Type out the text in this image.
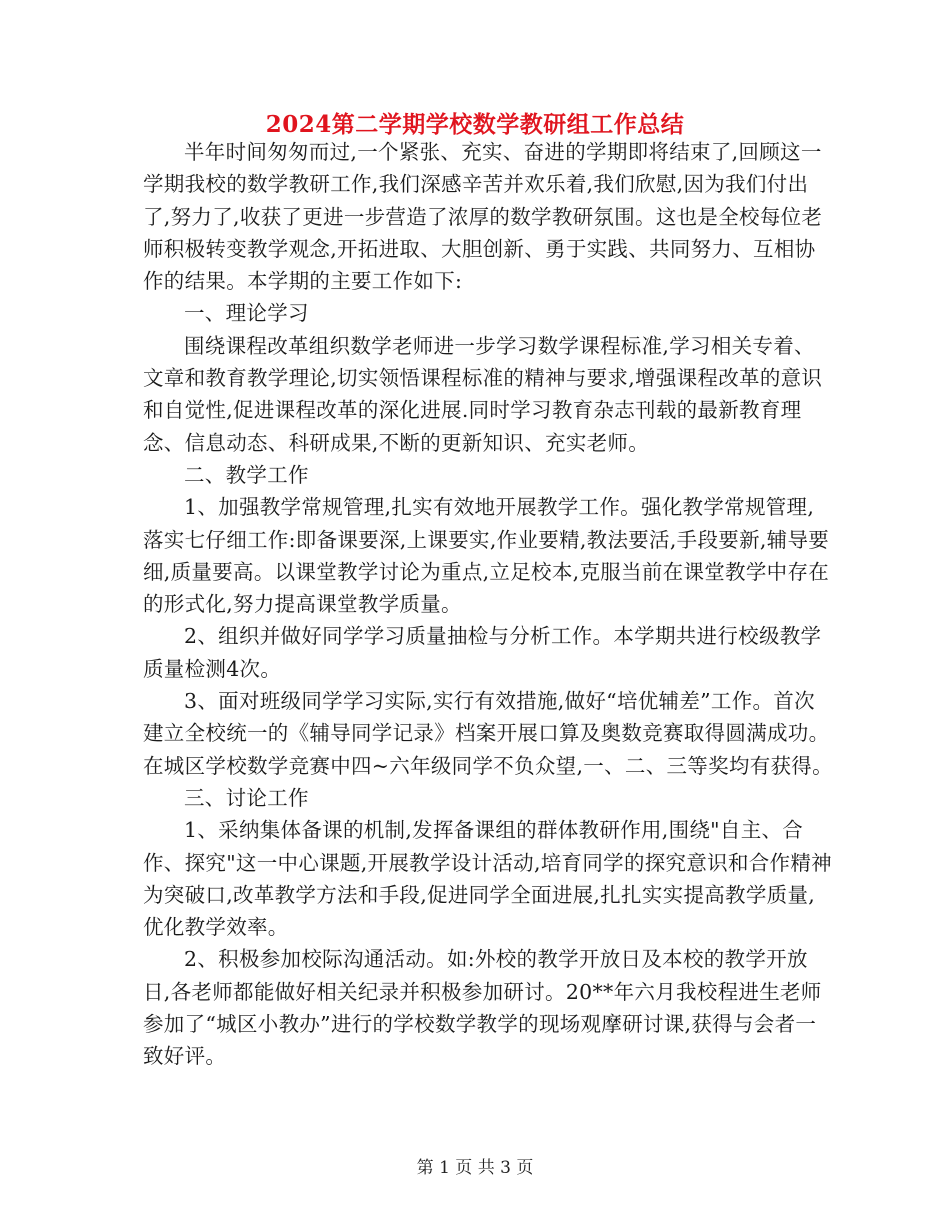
2024第二学期学校数学教研组工作总结

半年时间匆匆而过,一个紧张、充实、奋进的学期即将结束了,回顾这一学期我校的数学教研工作,我们深感辛苦并欢乐着,我们欣慰,因为我们付出了,努力了,收获了更进一步营造了浓厚的数学教研氛围。这也是全校每位老师积极转变教学观念,开拓进取、大胆创新、勇于实践、共同努力、互相协作的结果。本学期的主要工作如下:

一、理论学习

围绕课程改革组织数学老师进一步学习数学课程标准,学习相关专着、文章和教育教学理论,切实领悟课程标准的精神与要求,增强课程改革的意识和自觉性,促进课程改革的深化进展.同时学习教育杂志刊载的最新教育理念、信息动态、科研成果,不断的更新知识、充实老师。

二、教学工作

1、加强教学常规管理,扎实有效地开展教学工作。强化教学常规管理,落实七仔细工作:即备课要深,上课要实,作业要精,教法要活,手段要新,辅导要细,质量要高。以课堂教学讨论为重点,立足校本,克服当前在课堂教学中存在的形式化,努力提高课堂教学质量。

2、组织并做好同学学习质量抽检与分析工作。本学期共进行校级教学质量检测4次。

3、面对班级同学学习实际,实行有效措施,做好“培优辅差”工作。首次建立全校统一的《辅导同学记录》档案开展口算及奥数竞赛取得圆满成功。在城区学校数学竞赛中四~六年级同学不负众望,一、二、三等奖均有获得。

三、讨论工作

1、采纳集体备课的机制,发挥备课组的群体教研作用,围绕"自主、合作、探究"这一中心课题,开展教学设计活动,培育同学的探究意识和合作精神为突破口,改革教学方法和手段,促进同学全面进展,扎扎实实提高教学质量,优化教学效率。

2、积极参加校际沟通活动。如:外校的教学开放日及本校的教学开放日,各老师都能做好相关纪录并积极参加研讨。20**年六月我校程进生老师参加了“城区小教办”进行的学校数学教学的现场观摩研讨课,获得与会者一致好评。

第 1 页 共 3 页
